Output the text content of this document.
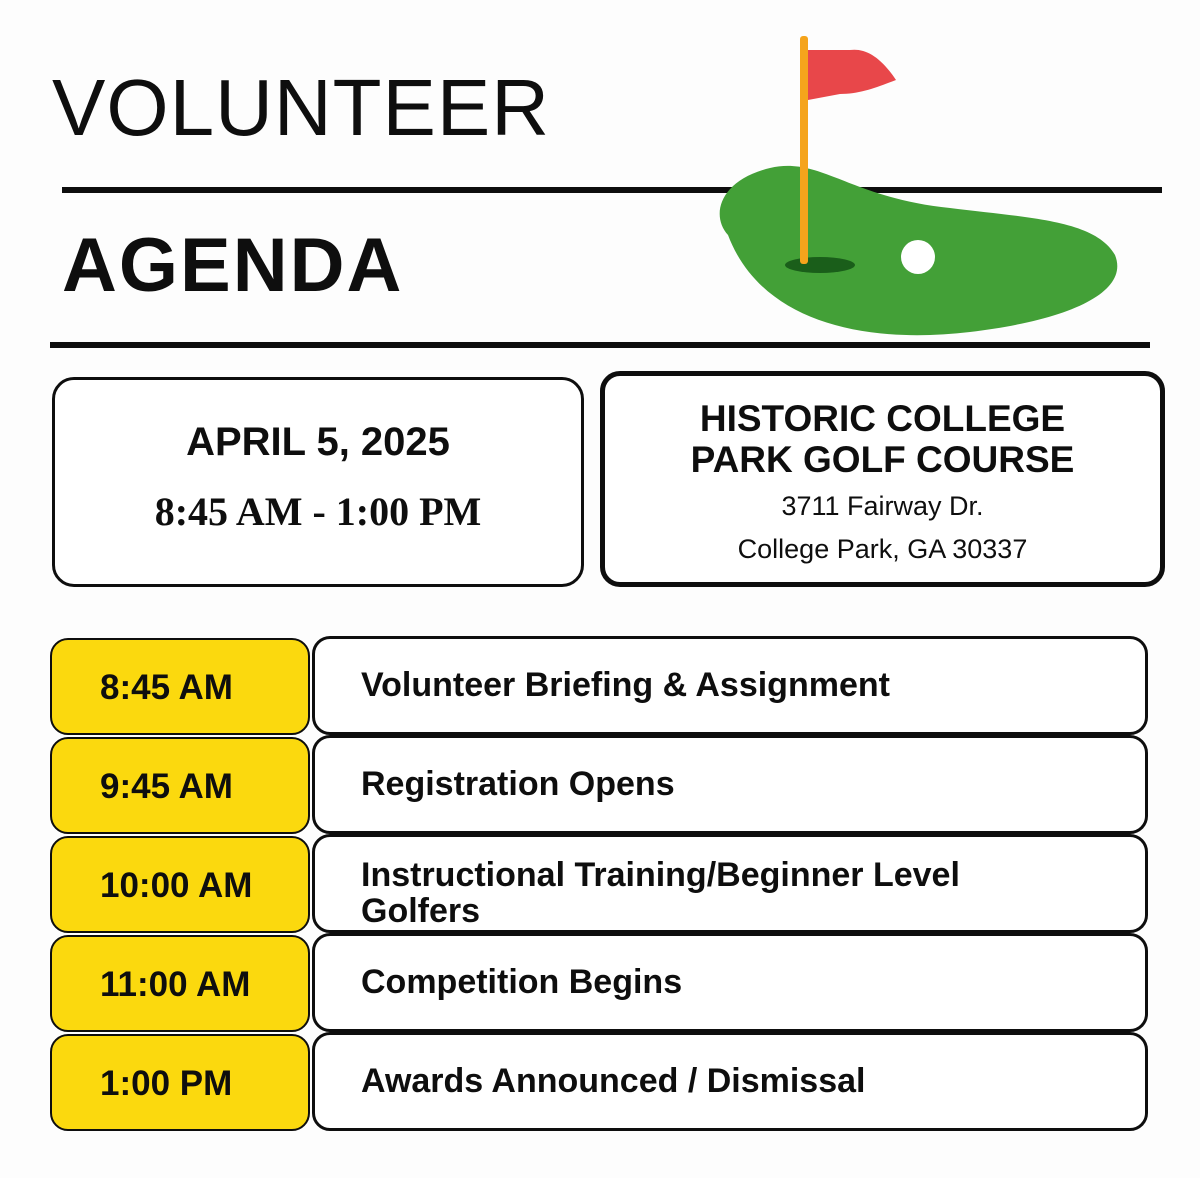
VOLUNTEER
AGENDA
APRIL 5, 2025
8:45 AM - 1:00 PM
HISTORIC COLLEGE PARK GOLF COURSE
3711 Fairway Dr.
College Park, GA 30337
8:45 AM	Volunteer Briefing & Assignment
9:45 AM	Registration Opens
10:00 AM	Instructional Training/Beginner Level Golfers
11:00 AM	Competition Begins
1:00 PM	Awards Announced / Dismissal
